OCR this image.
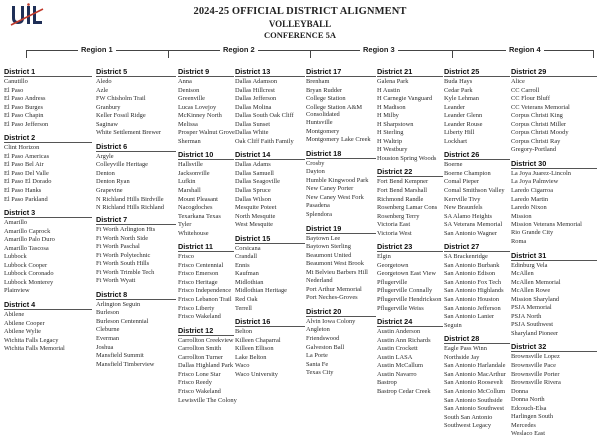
2024-25 OFFICIAL DISTRICT ALIGNMENT
VOLLEYBALL
CONFERENCE 5A
Region 1	Region 2	Region 3	Region 4
District 1
Canutillo
El Paso
El Paso Andress
El Paso Burges
El Paso Chapin
El Paso Jefferson
District 2
Clint Horizon
El Paso Americas
El Paso Bel Air
El Paso Del Valle
El Paso El Dorado
El Paso Hanks
El Paso Parkland
District 3
Amarillo
Amarillo Caprock
Amarillo Palo Duro
Amarillo Tascosa
Lubbock
Lubbock Cooper
Lubbock Coronado
Lubbock Monterey
Plainview
District 4
Abilene
Abilene Cooper
Abilene Wylie
Wichita Falls Legacy
Wichita Falls Memorial
District 5
Aledo
Azle
FW Chisholm Trail
Granbury
Keller Fossil Ridge
Saginaw
White Settlement Brewer
District 6
Argyle
Colleyville Heritage
Denton
Denton Ryan
Grapevine
N Richland Hills Birdville
N Richland Hills Richland
District 7
Ft Worth Arlington Hts
Ft Worth North Side
Ft Worth Paschal
Ft Worth Polytechnic
Ft Worth South Hills
Ft Worth Trimble Tech
Ft Worth Wyatt
District 8
Arlington Seguin
Burleson
Burleson Centennial
Cleburne
Everman
Joshua
Mansfield Summit
Mansfield Timberview
District 9
Anna
Denison
Greenville
Lucas Lovejoy
McKinney North
Melissa
Prosper Walnut Grove
Sherman
District 10
Hallsville
Jacksonville
Lufkin
Marshall
Mount Pleasant
Nacogdoches
Texarkana Texas
Tyler
Whitehouse
District 11
Frisco
Frisco Centennial
Frisco Emerson
Frisco Heritage
Frisco Independence
Frisco Lebanon Trail
Frisco Liberty
Frisco Wakeland
District 12
Carrollton Creekview
Carrollton Smith
Carrollton Turner
Dallas Highland Park
Frisco Lone Star
Frisco Reedy
Frisco Wakeland
Lewisville The Colony
District 13
Dallas Adamson
Dallas Hillcrest
Dallas Jefferson
Dallas Molina
Dallas South Oak Cliff
Dallas Sunset
Dallas White
Oak Cliff Faith Family
District 14
Dallas Adams
Dallas Samuell
Dallas Seagoville
Dallas Spruce
Dallas Wilson
Mesquite Poteet
North Mesquite
West Mesquite
District 15
Corsicana
Crandall
Ennis
Kaufman
Midlothian
Midlothian Heritage
Red Oak
Terrell
District 16
Belton
Killeen Chaparral
Killeen Ellison
Lake Belton
Waco
Waco University
District 17
Brenham
Bryan Rudder
College Station
College Station A&M Consolidated
Huntsville
Montgomery
Montgomery Lake Creek
District 18
Crosby
Dayton
Humble Kingwood Park
New Caney Porter
New Caney West Fork
Pasadena
Splendora
District 19
Baytown Lee
Baytown Sterling
Beaumont United
Beaumont West Brook
Mt Belvieu Barbers Hill
Nederland
Port Arthur Memorial
Port Neches-Groves
District 20
Alvin Iowa Colony
Angleton
Friendswood
Galveston Ball
La Porte
Santa Fe
Texas City
District 21
Galena Park
H Austin
H Carnegie Vanguard
H Madison
H Milby
H Sharpstown
H Sterling
H Waltrip
H Westbury
Houston Spring Woods
District 22
Fort Bend Kempner
Fort Bend Marshall
Richmond Randle
Rosenberg Lamar Cons
Rosenberg Terry
Victoria East
Victoria West
District 23
Elgin
Georgetown
Georgetown East View
Pflugerville
Pflugerville Connally
Pflugerville Hendrickson
Pflugerville Weiss
District 24
Austin Anderson
Austin Ann Richards
Austin Crockett
Austin LASA
Austin McCallum
Austin Navarro
Bastrop
Bastrop Cedar Creek
District 25
Buda Hays
Cedar Park
Kyle Lehman
Leander
Leander Glenn
Leander Rouse
Liberty Hill
Lockhart
District 26
Boerne
Boerne Champion
Comal Pieper
Comal Smithson Valley
Kerrville Tivy
New Braunfels
SA Alamo Heights
SA Veterans Memorial
San Antonio Wagner
District 27
SA Brackenridge
San Antonio Burbank
San Antonio Edison
San Antonio Fox Tech
San Antonio Highlands
San Antonio Houston
San Antonio Jefferson
San Antonio Lanier
Seguin
District 28
Eagle Pass Winn
Northside Jay
San Antonio Harlandale
San Antonio MacArthur
San Antonio Roosevelt
San Antonio McCollum
San Antonio Southside
San Antonio Southwest
South San Antonio
Southwest Legacy
District 29
Alice
CC Carroll
CC Flour Bluff
CC Veterans Memorial
Corpus Christi King
Corpus Christi Miller
Corpus Christi Moody
Corpus Christi Ray
Gregory-Portland
District 30
La Joya Juarez-Lincoln
La Joya Palmview
Laredo Cigarroa
Laredo Martin
Laredo Nixon
Mission
Mission Veterans Memorial
Rio Grande City
Roma
District 31
Edinburg Vela
McAllen
McAllen Memorial
McAllen Rowe
Mission Sharyland
PSJA Memorial
PSJA North
PSJA Southwest
Sharyland Pioneer
District 32
Brownsville Lopez
Brownsville Pace
Brownsville Porter
Brownsville Rivera
Donna
Donna North
Edcouch-Elsa
Harlingen South
Mercedes
Weslaco East
